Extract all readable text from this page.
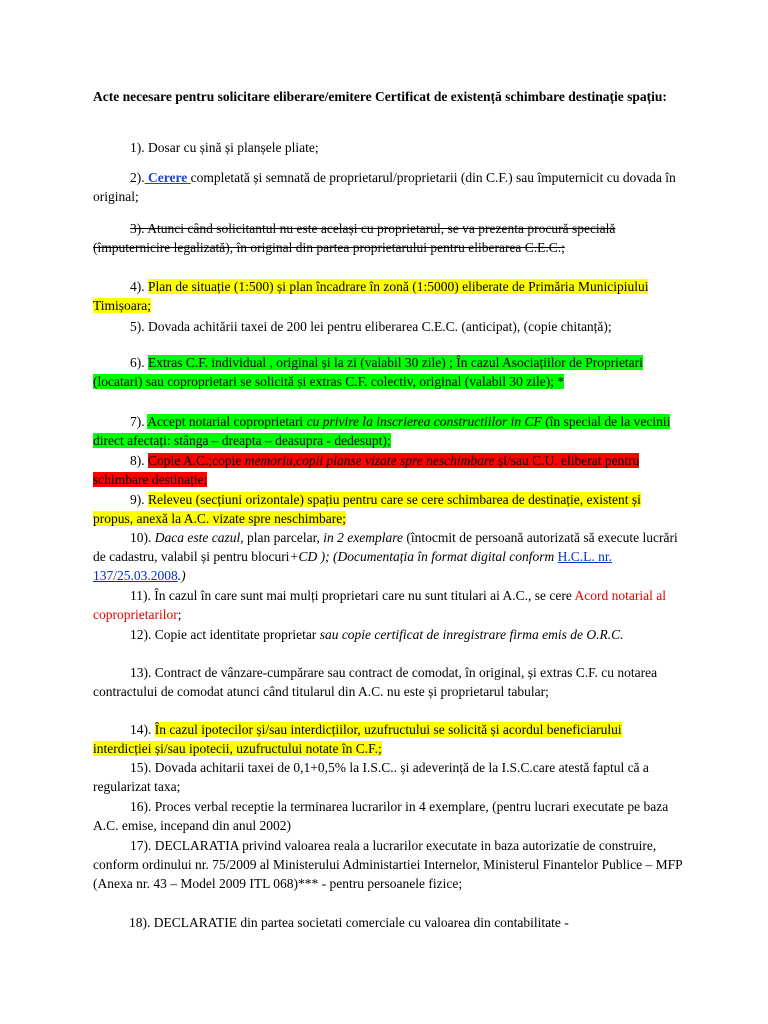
Acte necesare pentru solicitare eliberare/emitere Certificat de existență schimbare destinație spațiu:
1). Dosar cu șină și planșele pliate;
2). Cerere completată și semnată de proprietarul/proprietarii (din C.F.) sau împuternicit cu dovada în original;
3). Atunci când solicitantul nu este același cu proprietarul, se va prezenta procură specială (împuternicire legalizată), în original din partea proprietarului pentru eliberarea C.E.C.;
4). Plan de situație (1:500) și plan încadrare în zonă (1:5000) eliberate de Primăria Municipiului Timișoara;
5). Dovada achitării taxei de 200 lei pentru eliberarea C.E.C. (anticipat), (copie chitanță);
6). Extras C.F. individual , original și la zi (valabil 30 zile) ; În cazul Asociațiilor de Proprietari (locatari) sau coproprietari se solicită și extras C.F. colectiv, original (valabil 30 zile); *
7). Accept notarial coproprietari cu privire la inscrierea constructiilor in CF (în special de la vecinii direct afectați: stânga – dreapta – deasupra - dedesupt);
8). Copie A.C.;copie memoriu,copii planse vizate spre neschimbare și/sau C.U. eliberat pentru schimbare destinație;
9). Releveu (secțiuni orizontale) spațiu pentru care se cere schimbarea de destinație, existent și propus, anexă la A.C. vizate spre neschimbare;
10). Daca este cazul, plan parcelar, in 2 exemplare (întocmit de persoană autorizată să execute lucrări de cadastru, valabil și pentru blocuri+CD ); (Documentația în format digital conform H.C.L. nr. 137/25.03.2008.)
11). În cazul în care sunt mai mulți proprietari care nu sunt titulari ai A.C., se cere Acord notarial al coproprietarilor;
12). Copie act identitate proprietar sau copie certificat de inregistrare firma emis de O.R.C.
13). Contract de vânzare-cumpărare sau contract de comodat, în original, și extras C.F. cu notarea contractului de comodat atunci când titularul din A.C. nu este și proprietarul tabular;
14). În cazul ipotecilor și/sau interdicțiilor, uzufructului se solicită și acordul beneficiarului interdicției și/sau ipotecii, uzufructului notate în C.F.;
15). Dovada achitarii taxei de 0,1+0,5% la I.S.C.. și adeverință de la I.S.C.care atestă faptul că a regularizat taxa;
16). Proces verbal receptie la terminarea lucrarilor in 4 exemplare, (pentru lucrari executate pe baza A.C. emise, incepand din anul 2002)
17). DECLARATIA privind valoarea reala a lucrarilor executate in baza autorizatie de construire, conform ordinului nr. 75/2009 al Ministerului Administartiei Internelor, Ministerul Finantelor Publice – MFP (Anexa nr. 43 – Model 2009 ITL 068)*** - pentru persoanele fizice;
18). DECLARATIE din partea societati comerciale cu valoarea din contabilitate -
